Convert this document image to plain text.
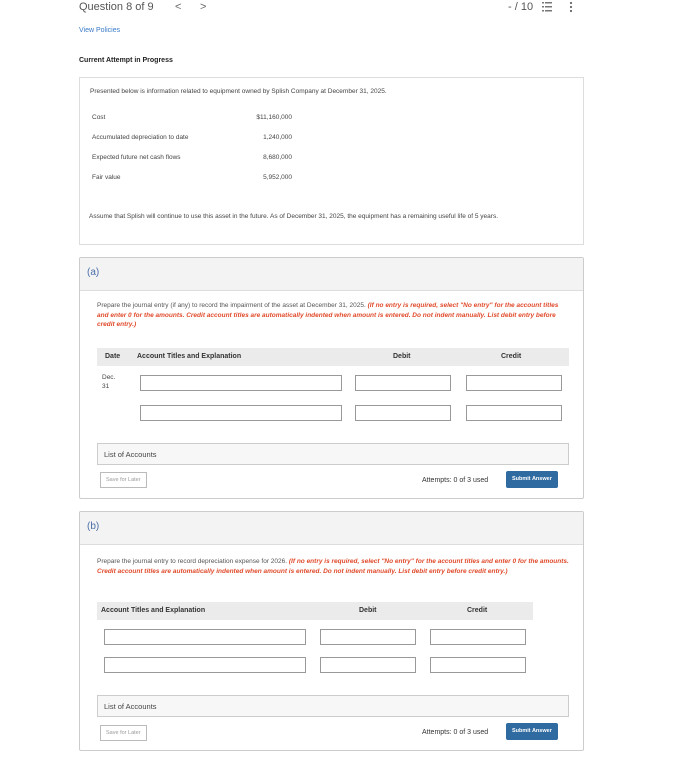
Question 8 of 9 < >	- / 10
View Policies
Current Attempt in Progress
Presented below is information related to equipment owned by Splish Company at December 31, 2025.
Cost	$11,160,000
Accumulated depreciation to date	1,240,000
Expected future net cash flows	8,680,000
Fair value	5,952,000
Assume that Splish will continue to use this asset in the future. As of December 31, 2025, the equipment has a remaining useful life of 5 years.
(a)
Prepare the journal entry (if any) to record the impairment of the asset at December 31, 2025. (If no entry is required, select "No entry" for the account titles and enter 0 for the amounts. Credit account titles are automatically indented when amount is entered. Do not indent manually. List debit entry before credit entry.)
Date Account Titles and Explanation	Debit	Credit
Dec.
31
List of Accounts
Save for Later	Attempts: 0 of 3 used	Submit Answer
(b)
Prepare the journal entry to record depreciation expense for 2026. (If no entry is required, select "No entry" for the account titles and enter 0 for the amounts. Credit account titles are automatically indented when amount is entered. Do not indent manually. List debit entry before credit entry.)
Account Titles and Explanation	Debit	Credit
List of Accounts
Save for Later	Attempts: 0 of 3 used	Submit Answer
